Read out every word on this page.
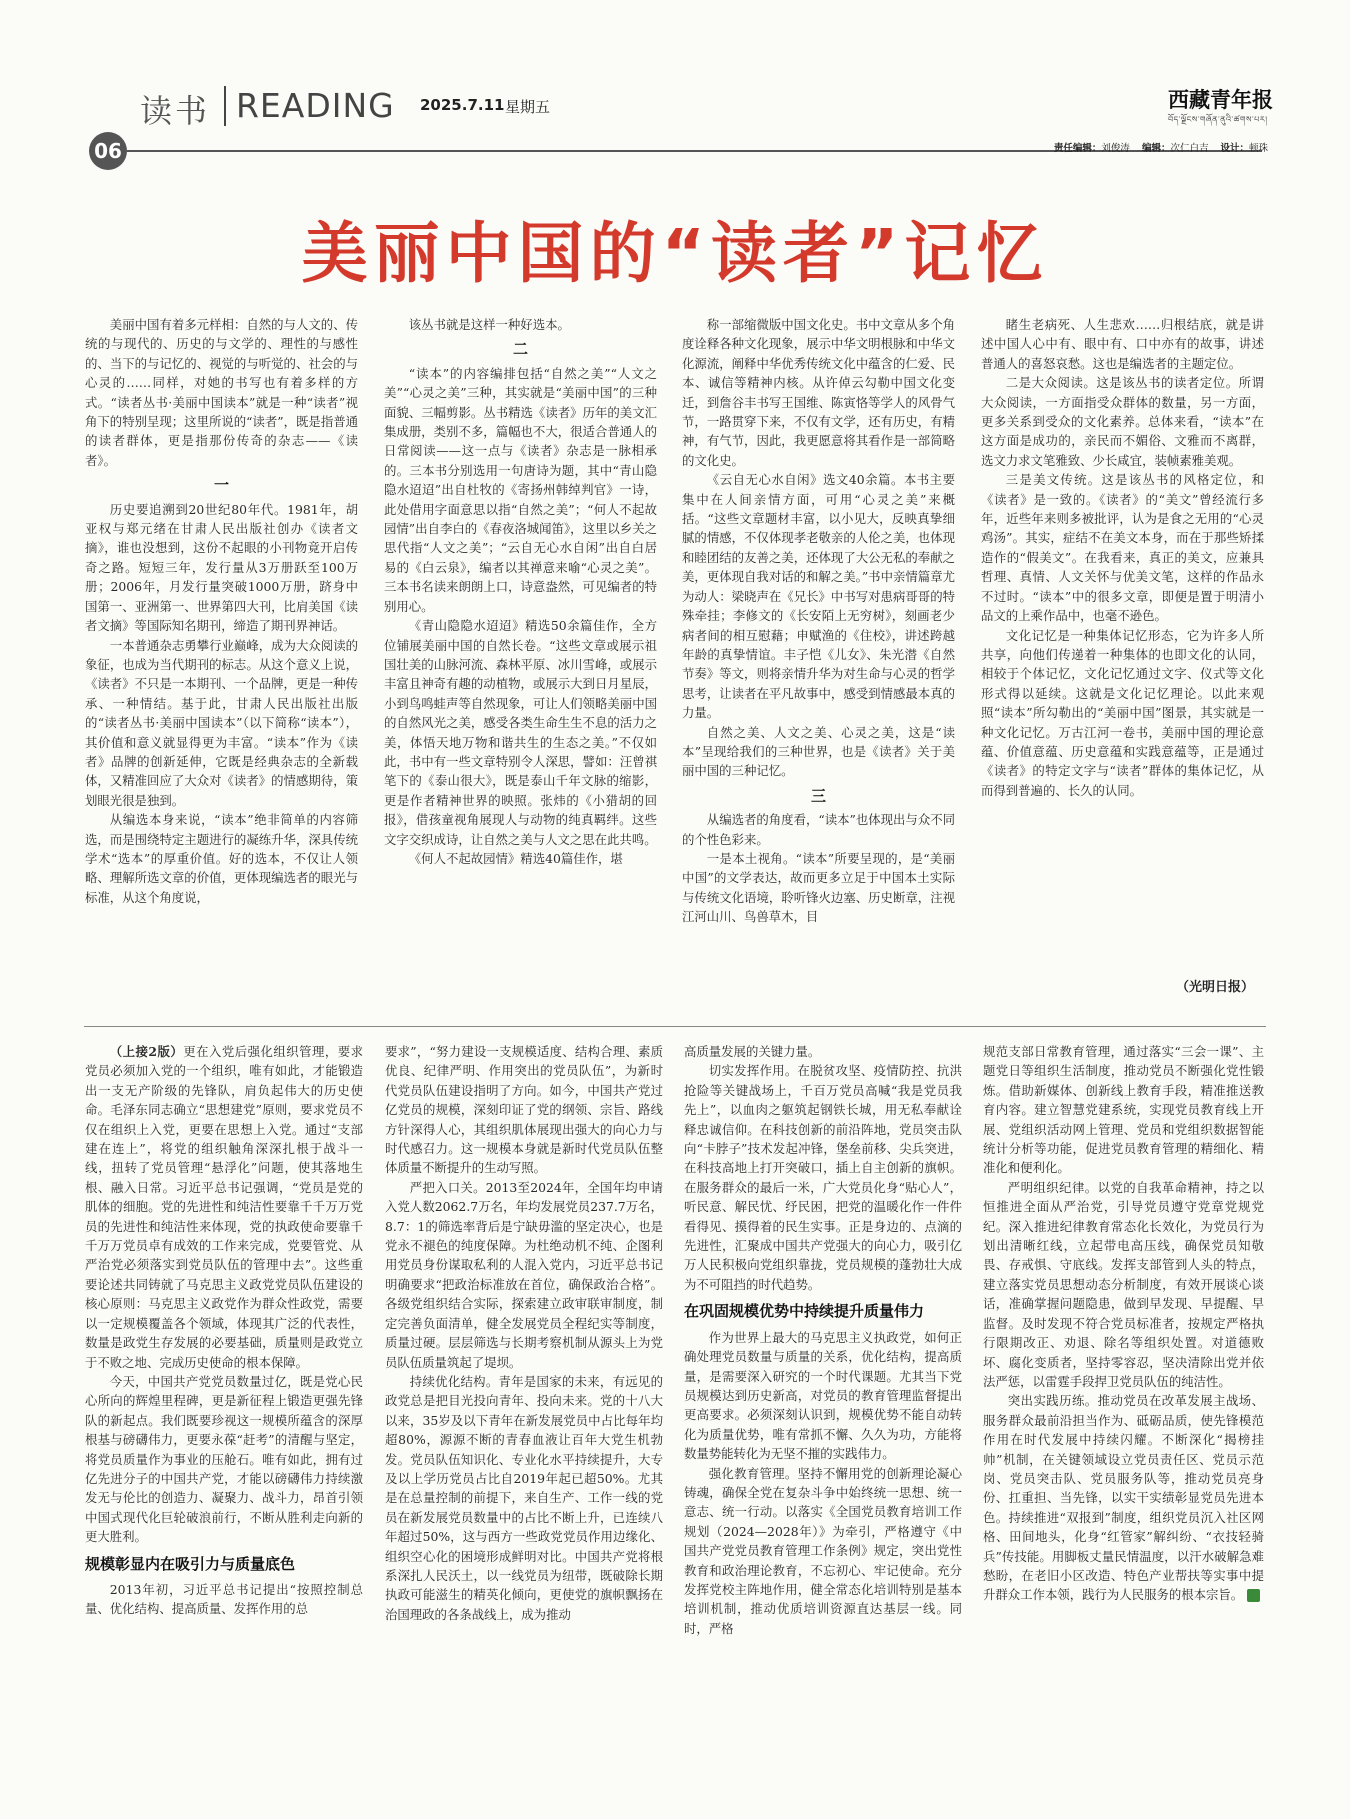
读书 READING
06
2025.7.11 星期五	西藏青年报
བོད་ལྗོངས་གཞོན་ནུའི་ཚགས་པར།
责任编辑：刘俊涛 编辑：次仁白吉 设计：顿珠
美丽中国的“读者”记忆

美丽中国有着多元样相：自然的与人文的、传统的与现代的、历史的与文学的、理性的与感性的、当下的与记忆的、视觉的与听觉的、社会的与心灵的……同样，对她的书写也有着多样的方式。“读者丛书·美丽中国读本”就是一种“读者”视角下的特别呈现；这里所说的“读者”，既是指普通的读者群体，更是指那份传奇的杂志——《读者》。

一

历史要追溯到20世纪80年代。1981年，胡亚权与郑元绪在甘肃人民出版社创办《读者文摘》，谁也没想到，这份不起眼的小刊物竟开启传奇之路。短短三年，发行量从3万册跃至100万册；2006年，月发行量突破1000万册，跻身中国第一、亚洲第一、世界第四大刊，比肩美国《读者文摘》等国际知名期刊，缔造了期刊界神话。

一本普通杂志勇攀行业巅峰，成为大众阅读的象征，也成为当代期刊的标志。从这个意义上说，《读者》不只是一本期刊、一个品牌，更是一种传承、一种情结。基于此，甘肃人民出版社出版的“读者丛书·美丽中国读本”（以下简称“读本”），其价值和意义就显得更为丰富。“读本”作为《读者》品牌的创新延伸，它既是经典杂志的全新载体，又精准回应了大众对《读者》的情感期待，策划眼光很是独到。

从编选本身来说，“读本”绝非简单的内容筛选，而是围绕特定主题进行的凝练升华，深具传统学术“选本”的厚重价值。好的选本，不仅让人领略、理解所选文章的价值，更体现编选者的眼光与标准，从这个角度说，

该丛书就是这样一种好选本。

二

“读本”的内容编排包括“自然之美”“人文之美”“心灵之美”三种，其实就是“美丽中国”的三种面貌、三幅剪影。丛书精选《读者》历年的美文汇集成册，类别不多，篇幅也不大，很适合普通人的日常阅读——这一点与《读者》杂志是一脉相承的。三本书分别选用一句唐诗为题，其中“青山隐隐水迢迢”出自杜牧的《寄扬州韩绰判官》一诗，此处借用字面意思以指“自然之美”；“何人不起故园情”出自李白的《春夜洛城闻笛》，这里以乡关之思代指“人文之美”；“云自无心水自闲”出自白居易的《白云泉》，编者以其禅意来喻“心灵之美”。三本书名读来朗朗上口，诗意盎然，可见编者的特别用心。

《青山隐隐水迢迢》精选50余篇佳作，全方位铺展美丽中国的自然长卷。“这些文章或展示祖国壮美的山脉河流、森林平原、冰川雪峰，或展示丰富且神奇有趣的动植物，或展示大到日月星辰，小到鸟鸣蛙声等自然现象，可让人们领略美丽中国的自然风光之美，感受各类生命生生不息的活力之美，体悟天地万物和谐共生的生态之美。”不仅如此，书中有一些文章特别令人深思，譬如：汪曾祺笔下的《泰山很大》，既是泰山千年文脉的缩影，更是作者精神世界的映照。张炜的《小猎胡的回报》，借孩童视角展现人与动物的纯真羁绊。这些文字交织成诗，让自然之美与人文之思在此共鸣。

《何人不起故园情》精选40篇佳作，堪

称一部缩微版中国文化史。书中文章从多个角度诠释各种文化现象，展示中华文明根脉和中华文化源流，阐释中华优秀传统文化中蕴含的仁爱、民本、诚信等精神内核。从许倬云勾勒中国文化变迁，到詹谷丰书写王国维、陈寅恪等学人的风骨气节，一路贯穿下来，不仅有文学，还有历史，有精神，有气节，因此，我更愿意将其看作是一部简略的文化史。

《云自无心水自闲》选文40余篇。本书主要集中在人间亲情方面，可用“心灵之美”来概括。“这些文章题材丰富，以小见大，反映真挚细腻的情感，不仅体现孝老敬亲的人伦之美，也体现和睦团结的友善之美，还体现了大公无私的奉献之美，更体现自我对话的和解之美。”书中亲情篇章尤为动人：梁晓声在《兄长》中书写对患病哥哥的特殊牵挂；李修文的《长安陌上无穷树》，刻画老少病者间的相互慰藉；申赋渔的《住校》，讲述跨越年龄的真挚情谊。丰子恺《儿女》、朱光潜《自然节奏》等文，则将亲情升华为对生命与心灵的哲学思考，让读者在平凡故事中，感受到情感最本真的力量。

自然之美、人文之美、心灵之美，这是“读本”呈现给我们的三种世界，也是《读者》关于美丽中国的三种记忆。

三

从编选者的角度看，“读本”也体现出与众不同的个性色彩来。

一是本土视角。“读本”所要呈现的，是“美丽中国”的文学表达，故而更多立足于中国本土实际与传统文化语境，聆听锋火边塞、历史断章，注视江河山川、鸟兽草木，目

睹生老病死、人生悲欢……归根结底，就是讲述中国人心中有、眼中有、口中亦有的故事，讲述普通人的喜怒哀愁。这也是编选者的主题定位。

二是大众阅读。这是该丛书的读者定位。所谓大众阅读，一方面指受众群体的数量，另一方面，更多关系到受众的文化素养。总体来看，“读本”在这方面是成功的，亲民而不媚俗、文雅而不离群，选文力求文笔雅致、少长咸宜，装帧素雅美观。

三是美文传统。这是该丛书的风格定位，和《读者》是一致的。《读者》的“美文”曾经流行多年，近些年来则多被批评，认为是食之无用的“心灵鸡汤”。其实，症结不在美文本身，而在于那些矫揉造作的“假美文”。在我看来，真正的美文，应兼具哲理、真情、人文关怀与优美文笔，这样的作品永不过时。“读本”中的很多文章，即便是置于明清小品文的上乘作品中，也毫不逊色。

文化记忆是一种集体记忆形态，它为许多人所共享，向他们传递着一种集体的也即文化的认同，相较于个体记忆，文化记忆通过文字、仪式等文化形式得以延续。这就是文化记忆理论。以此来观照“读本”所勾勒出的“美丽中国”图景，其实就是一种文化记忆。万古江河一卷书，美丽中国的理论意蕴、价值意蕴、历史意蕴和实践意蕴等，正是通过《读者》的特定文字与“读者”群体的集体记忆，从而得到普遍的、长久的认同。

（光明日报）

（上接2版）更在入党后强化组织管理，要求党员必须加入党的一个组织，唯有如此，才能锻造出一支无产阶级的先锋队，肩负起伟大的历史使命。毛泽东同志确立“思想建党”原则，要求党员不仅在组织上入党，更要在思想上入党。通过“支部建在连上”，将党的组织触角深深扎根于战斗一线，扭转了党员管理“悬浮化”问题，使其落地生根、融入日常。习近平总书记强调，“党员是党的肌体的细胞。党的先进性和纯洁性要靠千千万万党员的先进性和纯洁性来体现，党的执政使命要靠千千万万党员卓有成效的工作来完成，党要管党、从严治党必须落实到党员队伍的管理中去”。这些重要论述共同铸就了马克思主义政党党员队伍建设的核心原则：马克思主义政党作为群众性政党，需要以一定规模覆盖各个领域，体现其广泛的代表性，数量是政党生存发展的必要基础，质量则是政党立于不败之地、完成历史使命的根本保障。

今天，中国共产党党员数量过亿，既是党心民心所向的辉煌里程碑，更是新征程上锻造更强先锋队的新起点。我们既要珍视这一规模所蕴含的深厚根基与磅礴伟力，更要永葆“赶考”的清醒与坚定，将党员质量作为事业的压舱石。唯有如此，拥有过亿先进分子的中国共产党，才能以磅礴伟力持续激发无与伦比的创造力、凝聚力、战斗力，昂首引领中国式现代化巨轮破浪前行，不断从胜利走向新的更大胜利。

规模彰显内在吸引力与质量底色

2013年初，习近平总书记提出“按照控制总量、优化结构、提高质量、发挥作用的总

要求”，“努力建设一支规模适度、结构合理、素质优良、纪律严明、作用突出的党员队伍”，为新时代党员队伍建设指明了方向。如今，中国共产党过亿党员的规模，深刻印证了党的纲领、宗旨、路线方针深得人心，其组织肌体展现出强大的向心力与时代感召力。这一规模本身就是新时代党员队伍整体质量不断提升的生动写照。

严把入口关。2013至2024年，全国年均申请入党人数2062.7万名，年均发展党员237.7万名，8.7：1的筛选率背后是宁缺毋滥的坚定决心，也是党永不褪色的纯度保障。为杜绝动机不纯、企图利用党员身份谋取私利的人混入党内，习近平总书记明确要求“把政治标准放在首位，确保政治合格”。各级党组织结合实际，探索建立政审联审制度，制定完善负面清单，健全发展党员全程纪实等制度，质量过硬。层层筛选与长期考察机制从源头上为党员队伍质量筑起了堤坝。

持续优化结构。青年是国家的未来，有远见的政党总是把目光投向青年、投向未来。党的十八大以来，35岁及以下青年在新发展党员中占比每年均超80%，源源不断的青春血液让百年大党生机勃发。党员队伍知识化、专业化水平持续提升，大专及以上学历党员占比自2019年起已超50%。尤其是在总量控制的前提下，来自生产、工作一线的党员在新发展党员数量中的占比不断上升，已连续八年超过50%，这与西方一些政党党员作用边缘化、组织空心化的困境形成鲜明对比。中国共产党将根系深扎人民沃土，以一线党员为纽带，既破除长期执政可能滋生的精英化倾向，更使党的旗帜飘扬在治国理政的各条战线上，成为推动

高质量发展的关键力量。

切实发挥作用。在脱贫攻坚、疫情防控、抗洪抢险等关键战场上，千百万党员高喊“我是党员我先上”，以血肉之躯筑起钢铁长城，用无私奉献诠释忠诚信仰。在科技创新的前沿阵地，党员突击队向“卡脖子”技术发起冲锋，堡垒前移、尖兵突进，在科技高地上打开突破口，插上自主创新的旗帜。在服务群众的最后一米，广大党员化身“贴心人”，听民意、解民忧、纾民困，把党的温暖化作一件件看得见、摸得着的民生实事。正是身边的、点滴的先进性，汇聚成中国共产党强大的向心力，吸引亿万人民积极向党组织靠拢，党员规模的蓬勃壮大成为不可阻挡的时代趋势。

在巩固规模优势中持续提升质量伟力

作为世界上最大的马克思主义执政党，如何正确处理党员数量与质量的关系，优化结构，提高质量，是需要深入研究的一个时代课题。尤其当下党员规模达到历史新高，对党员的教育管理监督提出更高要求。必须深刻认识到，规模优势不能自动转化为质量优势，唯有常抓不懈、久久为功，方能将数量势能转化为无坚不摧的实践伟力。

强化教育管理。坚持不懈用党的创新理论凝心铸魂，确保全党在复杂斗争中始终统一思想、统一意志、统一行动。以落实《全国党员教育培训工作规划（2024—2028年）》为牵引，严格遵守《中国共产党党员教育管理工作条例》规定，突出党性教育和政治理论教育，不忘初心、牢记使命。充分发挥党校主阵地作用，健全常态化培训特别是基本培训机制，推动优质培训资源直达基层一线。同时，严格

规范支部日常教育管理，通过落实“三会一课”、主题党日等组织生活制度，推动党员不断强化党性锻炼。借助新媒体、创新线上教育手段，精准推送教育内容。建立智慧党建系统，实现党员教育线上开展、党组织活动网上管理、党员和党组织数据智能统计分析等功能，促进党员教育管理的精细化、精准化和便利化。

严明组织纪律。以党的自我革命精神，持之以恒推进全面从严治党，引导党员遵守党章党规党纪。深入推进纪律教育常态化长效化，为党员行为划出清晰红线，立起带电高压线，确保党员知敬畏、存戒惧、守底线。发挥支部管到人头的特点，建立落实党员思想动态分析制度，有效开展谈心谈话，准确掌握问题隐患，做到早发现、早提醒、早监督。及时发现不符合党员标准者，按规定严格执行限期改正、劝退、除名等组织处置。对道德败坏、腐化变质者，坚持零容忍，坚决清除出党并依法严惩，以雷霆手段捍卫党员队伍的纯洁性。

突出实践历练。推动党员在改革发展主战场、服务群众最前沿担当作为、砥砺品质，使先锋模范作用在时代发展中持续闪耀。不断深化“揭榜挂帅”机制，在关键领域设立党员责任区、党员示范岗、党员突击队、党员服务队等，推动党员亮身份、扛重担、当先锋，以实干实绩彰显党员先进本色。持续推进“双报到”制度，组织党员沉入社区网格、田间地头，化身“红管家”解纠纷、“衣技轻骑兵”传技能。用脚板丈量民情温度，以汗水破解急难愁盼，在老旧小区改造、特色产业帮扶等实事中提升群众工作本领，践行为人民服务的根本宗旨。
